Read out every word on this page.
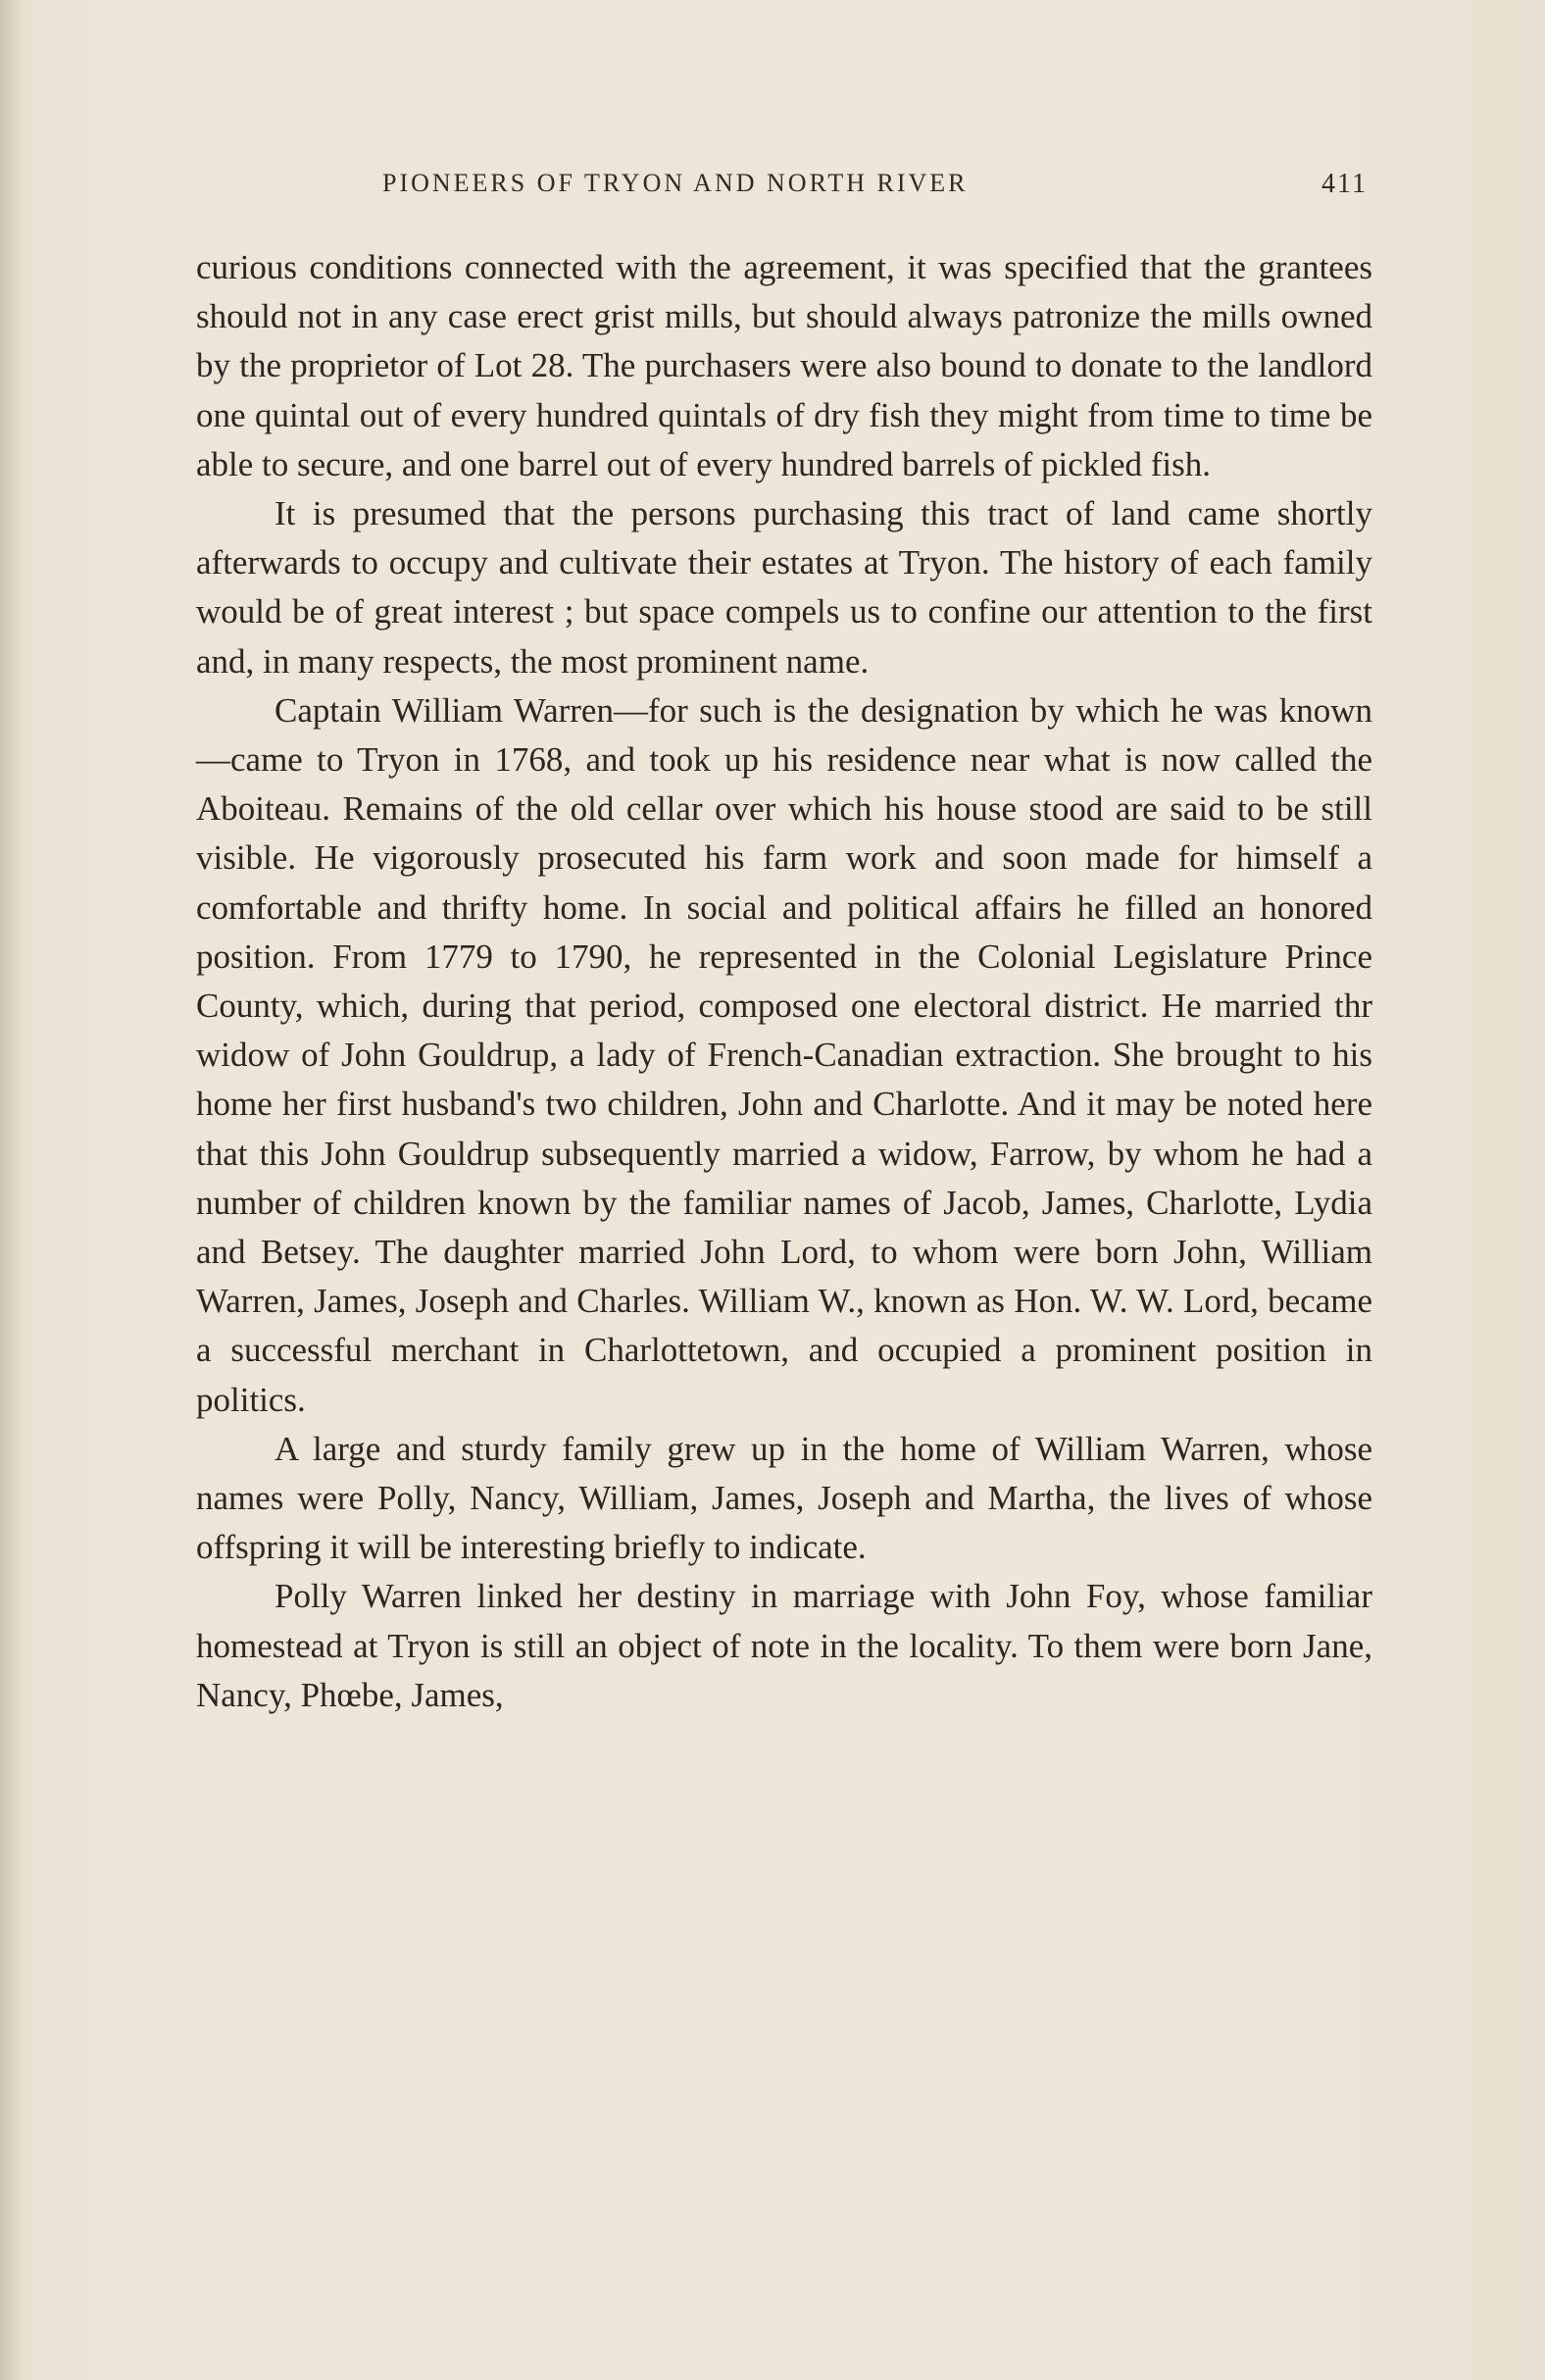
PIONEERS OF TRYON AND NORTH RIVER	411

curious conditions connected with the agreement, it was specified that the grantees should not in any case erect grist mills, but should always patronize the mills owned by the proprietor of Lot 28. The purchasers were also bound to donate to the landlord one quintal out of every hundred quintals of dry fish they might from time to time be able to secure, and one barrel out of every hundred barrels of pickled fish.

It is presumed that the persons purchasing this tract of land came shortly afterwards to occupy and cultivate their estates at Tryon. The history of each family would be of great interest ; but space compels us to confine our attention to the first and, in many respects, the most prominent name.

Captain William Warren—for such is the designation by which he was known—came to Tryon in 1768, and took up his residence near what is now called the Aboiteau. Remains of the old cellar over which his house stood are said to be still visible. He vigorously prosecuted his farm work and soon made for himself a comfortable and thrifty home. In social and political affairs he filled an honored position. From 1779 to 1790, he represented in the Colonial Legislature Prince County, which, during that period, composed one electoral district. He married thr widow of John Gouldrup, a lady of French-Canadian extraction. She brought to his home her first husband's two children, John and Charlotte. And it may be noted here that this John Gouldrup subsequently married a widow, Farrow, by whom he had a number of children known by the familiar names of Jacob, James, Charlotte, Lydia and Betsey. The daughter married John Lord, to whom were born John, William Warren, James, Joseph and Charles. William W., known as Hon. W. W. Lord, became a successful merchant in Charlottetown, and occupied a prominent position in politics.

A large and sturdy family grew up in the home of William Warren, whose names were Polly, Nancy, William, James, Joseph and Martha, the lives of whose offspring it will be interesting briefly to indicate.

Polly Warren linked her destiny in marriage with John Foy, whose familiar homestead at Tryon is still an object of note in the locality. To them were born Jane, Nancy, Phœbe, James,
